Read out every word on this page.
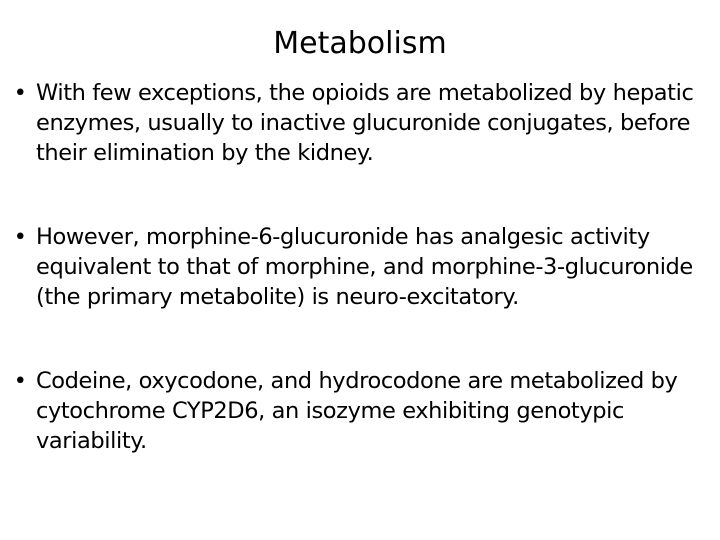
Metabolism
• With few exceptions, the opioids are metabolized by hepatic enzymes, usually to inactive glucuronide conjugates, before their elimination by the kidney.
• However, morphine-6-glucuronide has analgesic activity equivalent to that of morphine, and morphine-3-glucuronide (the primary metabolite) is neuro-excitatory.
• Codeine, oxycodone, and hydrocodone are metabolized by cytochrome CYP2D6, an isozyme exhibiting genotypic variability.
